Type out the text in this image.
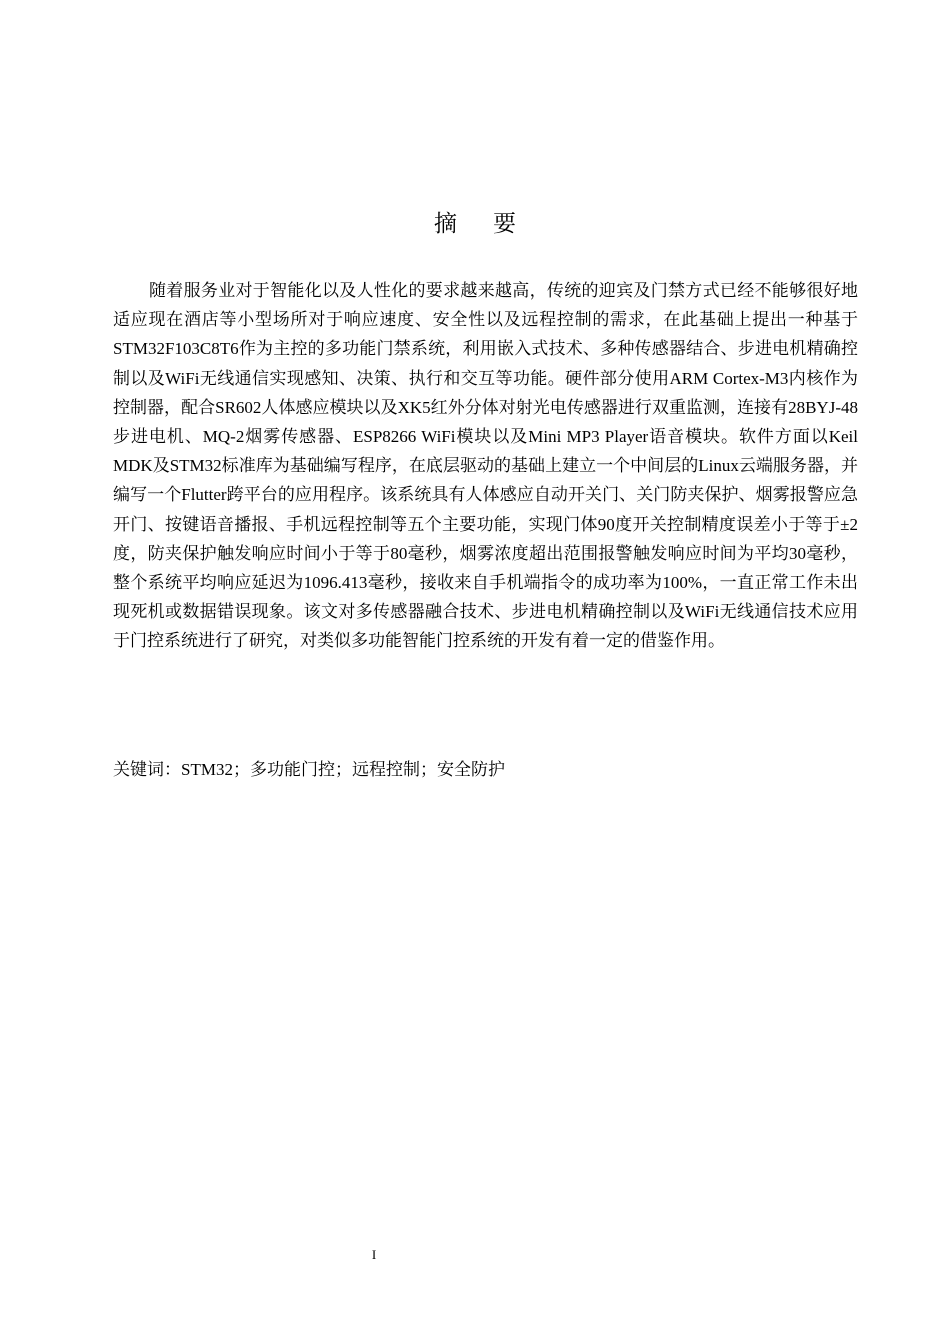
摘 要

随着服务业对于智能化以及人性化的要求越来越高，传统的迎宾及门禁方式已经不能够很好地适应现在酒店等小型场所对于响应速度、安全性以及远程控制的需求，在此基础上提出一种基于STM32F103C8T6作为主控的多功能门禁系统，利用嵌入式技术、多种传感器结合、步进电机精确控制以及WiFi无线通信实现感知、决策、执行和交互等功能。硬件部分使用ARM Cortex-M3内核作为控制器，配合SR602人体感应模块以及XK5红外分体对射光电传感器进行双重监测，连接有28BYJ-48步进电机、MQ-2烟雾传感器、ESP8266 WiFi模块以及Mini MP3 Player语音模块。软件方面以Keil MDK及STM32标准库为基础编写程序，在底层驱动的基础上建立一个中间层的Linux云端服务器，并编写一个Flutter跨平台的应用程序。该系统具有人体感应自动开关门、关门防夹保护、烟雾报警应急开门、按键语音播报、手机远程控制等五个主要功能，实现门体90度开关控制精度误差小于等于±2度，防夹保护触发响应时间小于等于80毫秒，烟雾浓度超出范围报警触发响应时间为平均30毫秒，整个系统平均响应延迟为1096.413毫秒，接收来自手机端指令的成功率为100%，一直正常工作未出现死机或数据错误现象。该文对多传感器融合技术、步进电机精确控制以及WiFi无线通信技术应用于门控系统进行了研究，对类似多功能智能门控系统的开发有着一定的借鉴作用。

关键词：STM32；多功能门控；远程控制；安全防护

I
